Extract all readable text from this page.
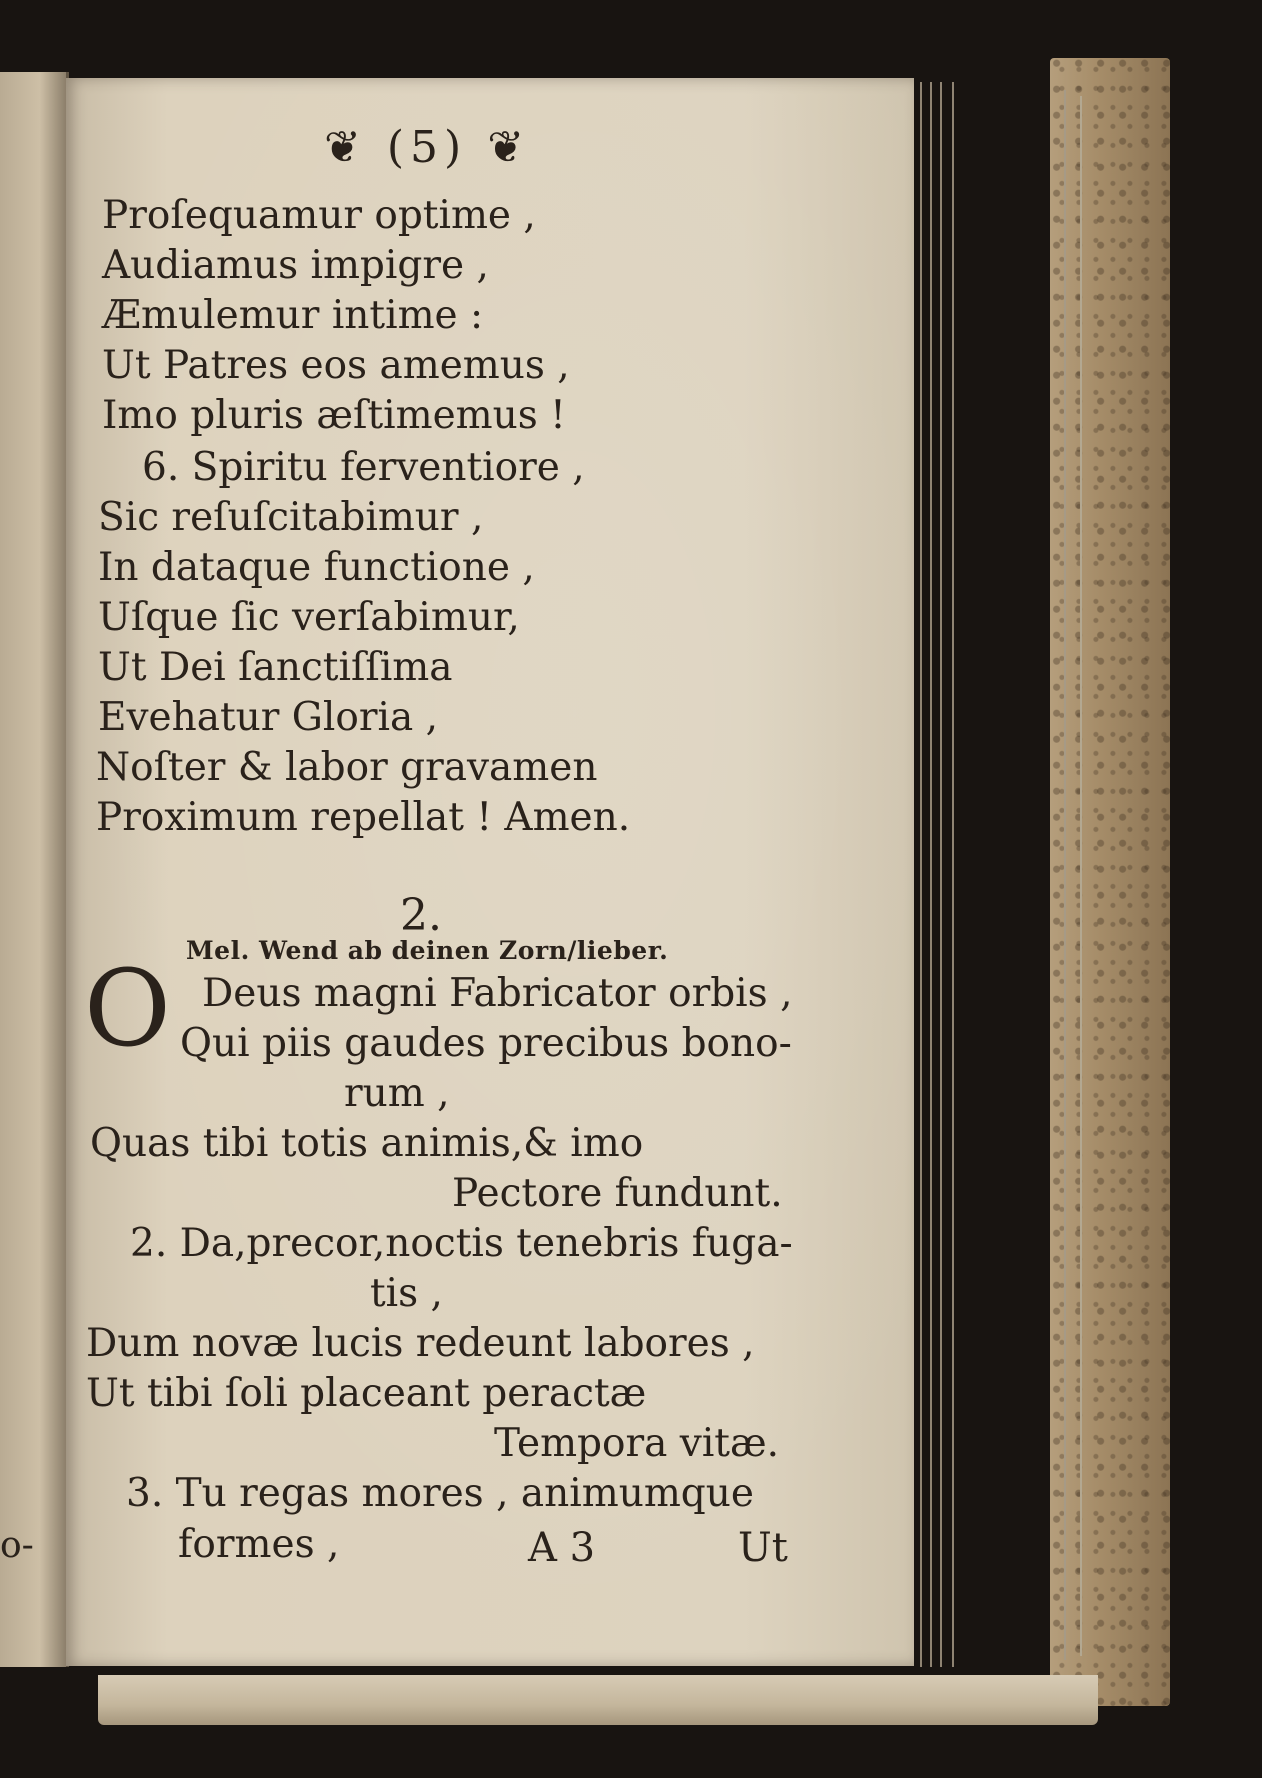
o-
❦ (5) ❦
Proſequamur optime ,
Audiamus impigre ,
Æmulemur intime :
Ut Patres eos amemus ,
Imo pluris æſtimemus !
6. Spiritu ferventiore ,
Sic reſuſcitabimur ,
In dataque functione ,
Uſque ſic verſabimur,
Ut Dei ſanctiſſima
Evehatur Gloria ,
Noſter & labor gravamen
Proximum repellat ! Amen.
2.
Mel. Wend ab deinen Zorn/lieber.
O Deus magni Fabricator orbis ,
Qui piis gaudes precibus bono-
rum ,
Quas tibi totis animis,& imo
Pectore fundunt.
2. Da,precor,noctis tenebris fuga-
tis ,
Dum novæ lucis redeunt labores ,
Ut tibi ſoli placeant peractæ
Tempora vitæ.
3. Tu regas mores , animumque
formes ,	A 3	Ut
